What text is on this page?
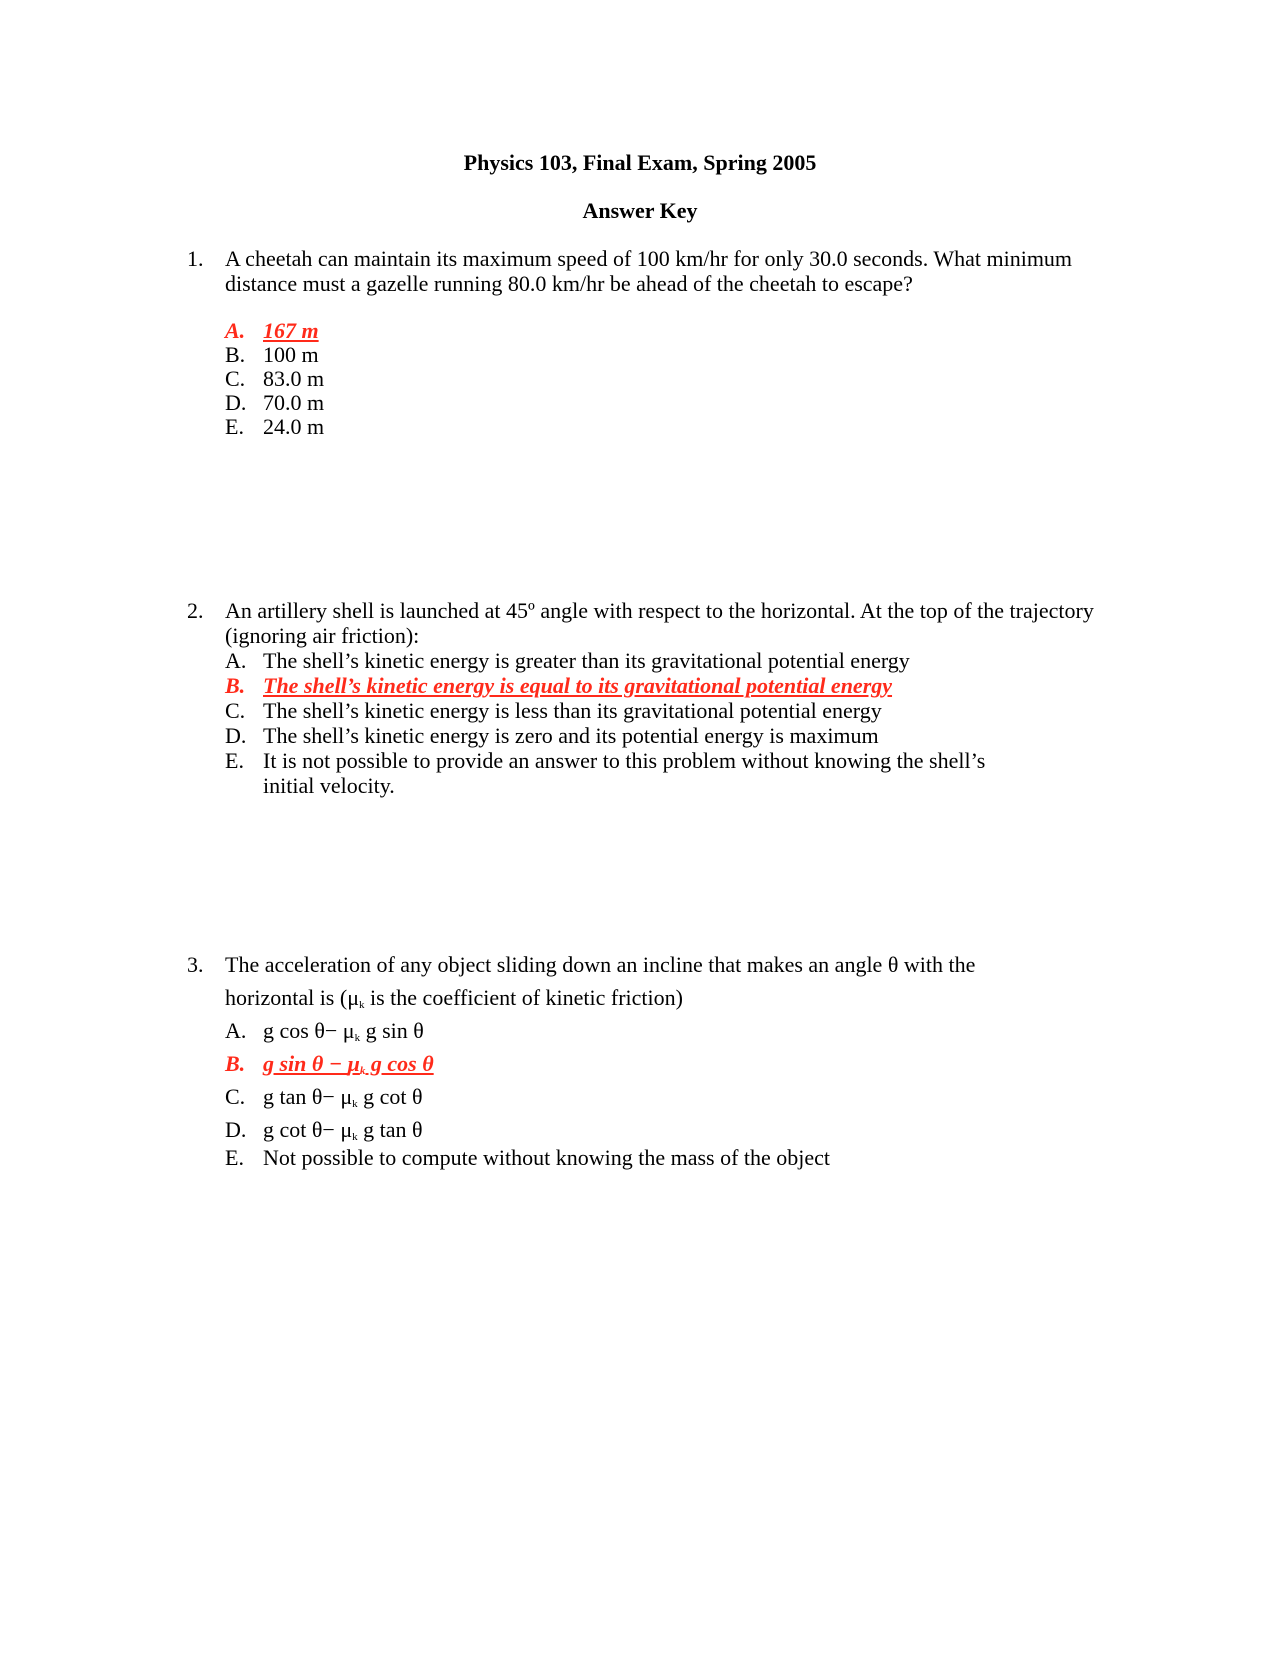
Physics 103, Final Exam, Spring 2005
Answer Key
1. A cheetah can maintain its maximum speed of 100 km/hr for only 30.0 seconds. What minimum distance must a gazelle running 80.0 km/hr be ahead of the cheetah to escape?
A. 167 m
B. 100 m
C. 83.0 m
D. 70.0 m
E. 24.0 m
2. An artillery shell is launched at 45º angle with respect to the horizontal. At the top of the trajectory (ignoring air friction):
A. The shell’s kinetic energy is greater than its gravitational potential energy
B. The shell’s kinetic energy is equal to its gravitational potential energy
C. The shell’s kinetic energy is less than its gravitational potential energy
D. The shell’s kinetic energy is zero and its potential energy is maximum
E. It is not possible to provide an answer to this problem without knowing the shell’s
initial velocity.
3. The acceleration of any object sliding down an incline that makes an angle θ with the
horizontal is ($\mu_k$ is the coefficient of kinetic friction)
A. g $\cos \theta- \mu_k$ g sin θ
B. g $\sin \theta - \mu_k$ g cos θ
C. g $\tan \theta- \mu_k$ g cot θ
D. g $\cot \theta- \mu_k$ g tan θ
E. Not possible to compute without knowing the mass of the object
